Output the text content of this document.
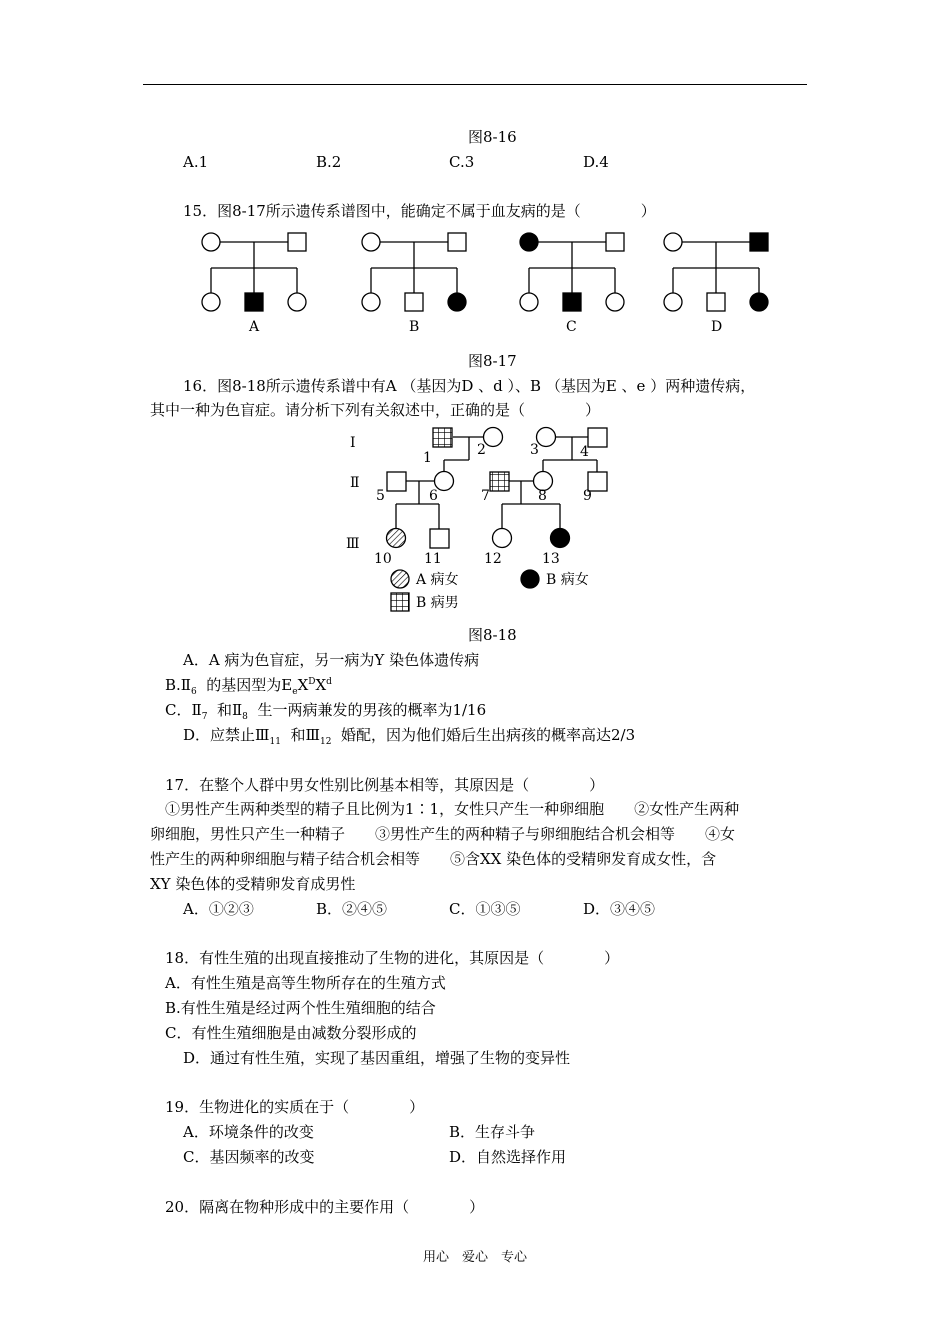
图8-16
A.1	B.2	C.3	D.4
15．图8-17所示遗传系谱图中，能确定不属于血友病的是（　　　　）
A	B	C	D
图8-17
16．图8-18所示遗传系谱中有A （基因为D 、d ）、B （基因为E 、e ）两种遗传病，
其中一种为色盲症。请分析下列有关叙述中，正确的是（　　　　）
Ⅰ
Ⅱ
Ⅲ
1	2	3	4
5	6	7	8	9
10 11	12	13
A 病女	B 病女
B 病男
图8-18
A．A 病为色盲症，另一病为Y 染色体遗传病
$B.Ⅱ_6$ 的基因型为$E_eX^DX^d$
C．$Ⅱ_7$ 和$Ⅱ_8$ 生一两病兼发的男孩的概率为1/16
D．应禁止$Ⅲ_{11}$ 和$Ⅲ_{12}$ 婚配，因为他们婚后生出病孩的概率高达2/3
17．在整个人群中男女性别比例基本相等，其原因是（　　　　）
①男性产生两种类型的精子且比例为1∶1，女性只产生一种卵细胞　　②女性产生两种
卵细胞，男性只产生一种精子　　③男性产生的两种精子与卵细胞结合机会相等　　④女
性产生的两种卵细胞与精子结合机会相等　　⑤含XX 染色体的受精卵发育成女性，含
XY 染色体的受精卵发育成男性
A．①②③	B．②④⑤	C．①③⑤	D．③④⑤
18．有性生殖的出现直接推动了生物的进化，其原因是（　　　　）
A．有性生殖是高等生物所存在的生殖方式
B.有性生殖是经过两个性生殖细胞的结合
C．有性生殖细胞是由减数分裂形成的
D．通过有性生殖，实现了基因重组，增强了生物的变异性
19．生物进化的实质在于（　　　　）
A．环境条件的改变	B．生存斗争
C．基因频率的改变	D．自然选择作用
20．隔离在物种形成中的主要作用（　　　　）
用心　爱心　专心
